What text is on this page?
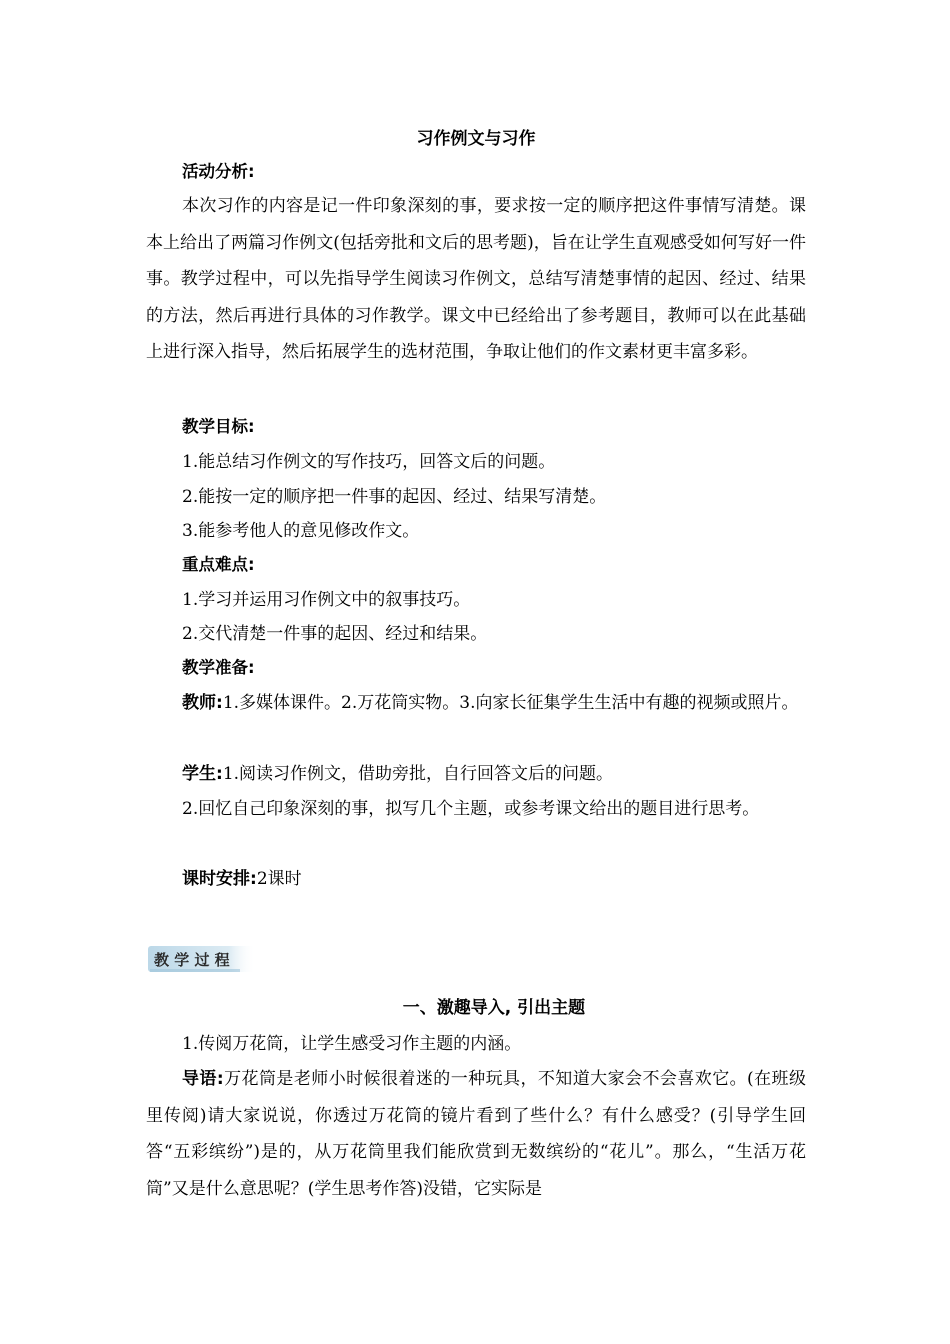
习作例文与习作

活动分析:

本次习作的内容是记一件印象深刻的事，要求按一定的顺序把这件事情写清楚。课本上给出了两篇习作例文(包括旁批和文后的思考题)，旨在让学生直观感受如何写好一件事。教学过程中，可以先指导学生阅读习作例文，总结写清楚事情的起因、经过、结果的方法，然后再进行具体的习作教学。课文中已经给出了参考题目，教师可以在此基础上进行深入指导，然后拓展学生的选材范围，争取让他们的作文素材更丰富多彩。

教学目标:

1.能总结习作例文的写作技巧，回答文后的问题。

2.能按一定的顺序把一件事的起因、经过、结果写清楚。

3.能参考他人的意见修改作文。

重点难点:

1.学习并运用习作例文中的叙事技巧。

2.交代清楚一件事的起因、经过和结果。

教学准备:

教师:1.多媒体课件。2.万花筒实物。3.向家长征集学生生活中有趣的视频或照片。

学生:1.阅读习作例文，借助旁批，自行回答文后的问题。

2.回忆自己印象深刻的事，拟写几个主题，或参考课文给出的题目进行思考。

课时安排:2课时

一、激趣导入, 引出主题

1.传阅万花筒，让学生感受习作主题的内涵。

导语:万花筒是老师小时候很着迷的一种玩具，不知道大家会不会喜欢它。(在班级里传阅)请大家说说，你透过万花筒的镜片看到了些什么？有什么感受？(引导学生回答“五彩缤纷”)是的，从万花筒里我们能欣赏到无数缤纷的“花儿”。那么，“生活万花筒”又是什么意思呢？(学生思考作答)没错，它实际是

教 学 过 程
